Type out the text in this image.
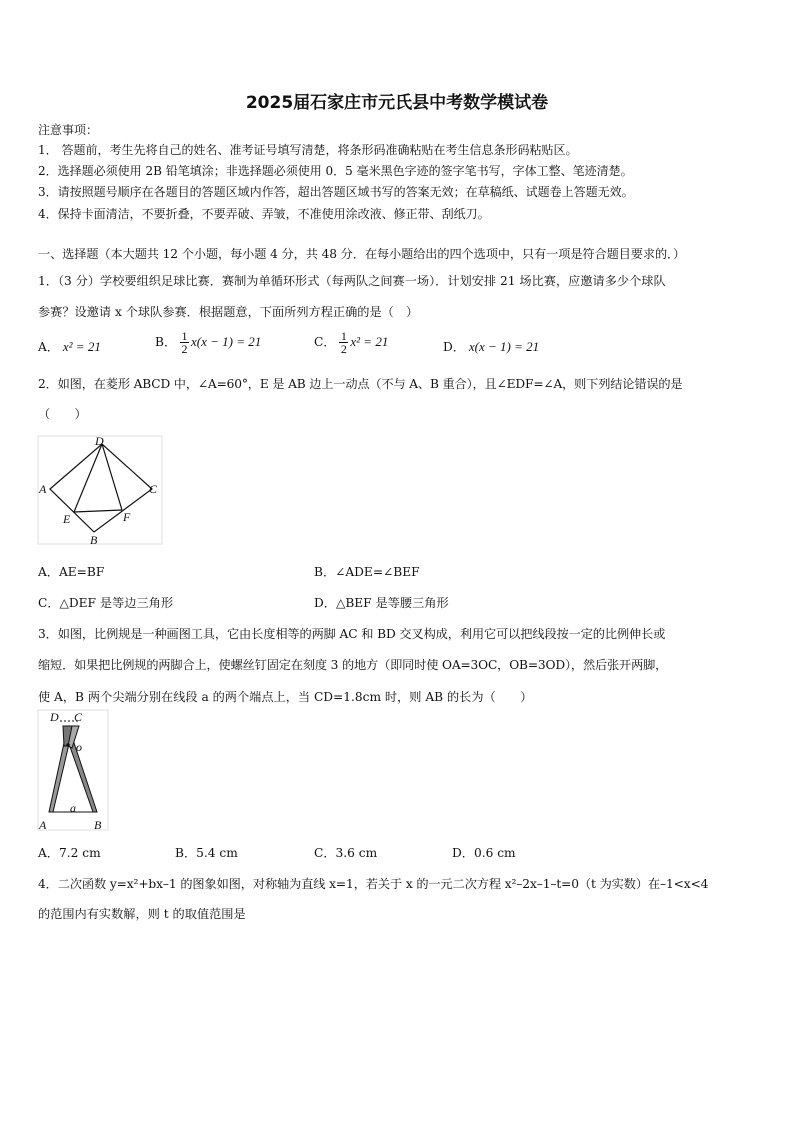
2025届石家庄市元氏县中考数学模试卷
注意事项：
1． 答题前，考生先将自己的姓名、准考证号填写清楚，将条形码准确粘贴在考生信息条形码粘贴区。
2．选择题必须使用 2B 铅笔填涂；非选择题必须使用 0．5 毫米黑色字迹的签字笔书写，字体工整、笔迹清楚。
3．请按照题号顺序在各题目的答题区域内作答，超出答题区域书写的答案无效；在草稿纸、试题卷上答题无效。
4．保持卡面清洁，不要折叠，不要弄破、弄皱，不准使用涂改液、修正带、刮纸刀。
一、选择题（本大题共 12 个小题，每小题 4 分，共 48 分．在每小题给出的四个选项中，只有一项是符合题目要求的．）
1．（3 分）学校要组织足球比赛．赛制为单循环形式（每两队之间赛一场）．计划安排 21 场比赛，应邀请多少个球队
参赛？设邀请 x 个球队参赛．根据题意，下面所列方程正确的是（　）
A． x² = 21	B． $\frac{1}{2} x(x - 1) = 21$	C． $\frac{1}{2} x^2 = 21$	D． x(x − 1) = 21
2．如图，在菱形 ABCD 中，∠A=60°，E 是 AB 边上一动点（不与 A、B 重合），且∠EDF=∠A，则下列结论错误的是
（　　）
D
A	C
E	F
B
A．AE=BF	B．∠ADE=∠BEF
C．△DEF 是等边三角形	D．△BEF 是等腰三角形
3．如图，比例规是一种画图工具，它由长度相等的两脚 AC 和 BD 交叉构成，利用它可以把线段按一定的比例伸长或
缩短．如果把比例规的两脚合上，使螺丝钉固定在刻度 3 的地方（即同时使 OA=3OC，OB=3OD），然后张开两脚，
使 A，B 两个尖端分别在线段 a 的两个端点上，当 CD=1.8cm 时，则 AB 的长为（　　）
D C
o
a
A	B
A．7.2 cm	B．5.4 cm	C．3.6 cm	D．0.6 cm
4．二次函数 y=x²+bx–1 的图象如图，对称轴为直线 x=1，若关于 x 的一元二次方程 x²–2x–1–t=0（t 为实数）在–1<x<4
的范围内有实数解，则 t 的取值范围是
